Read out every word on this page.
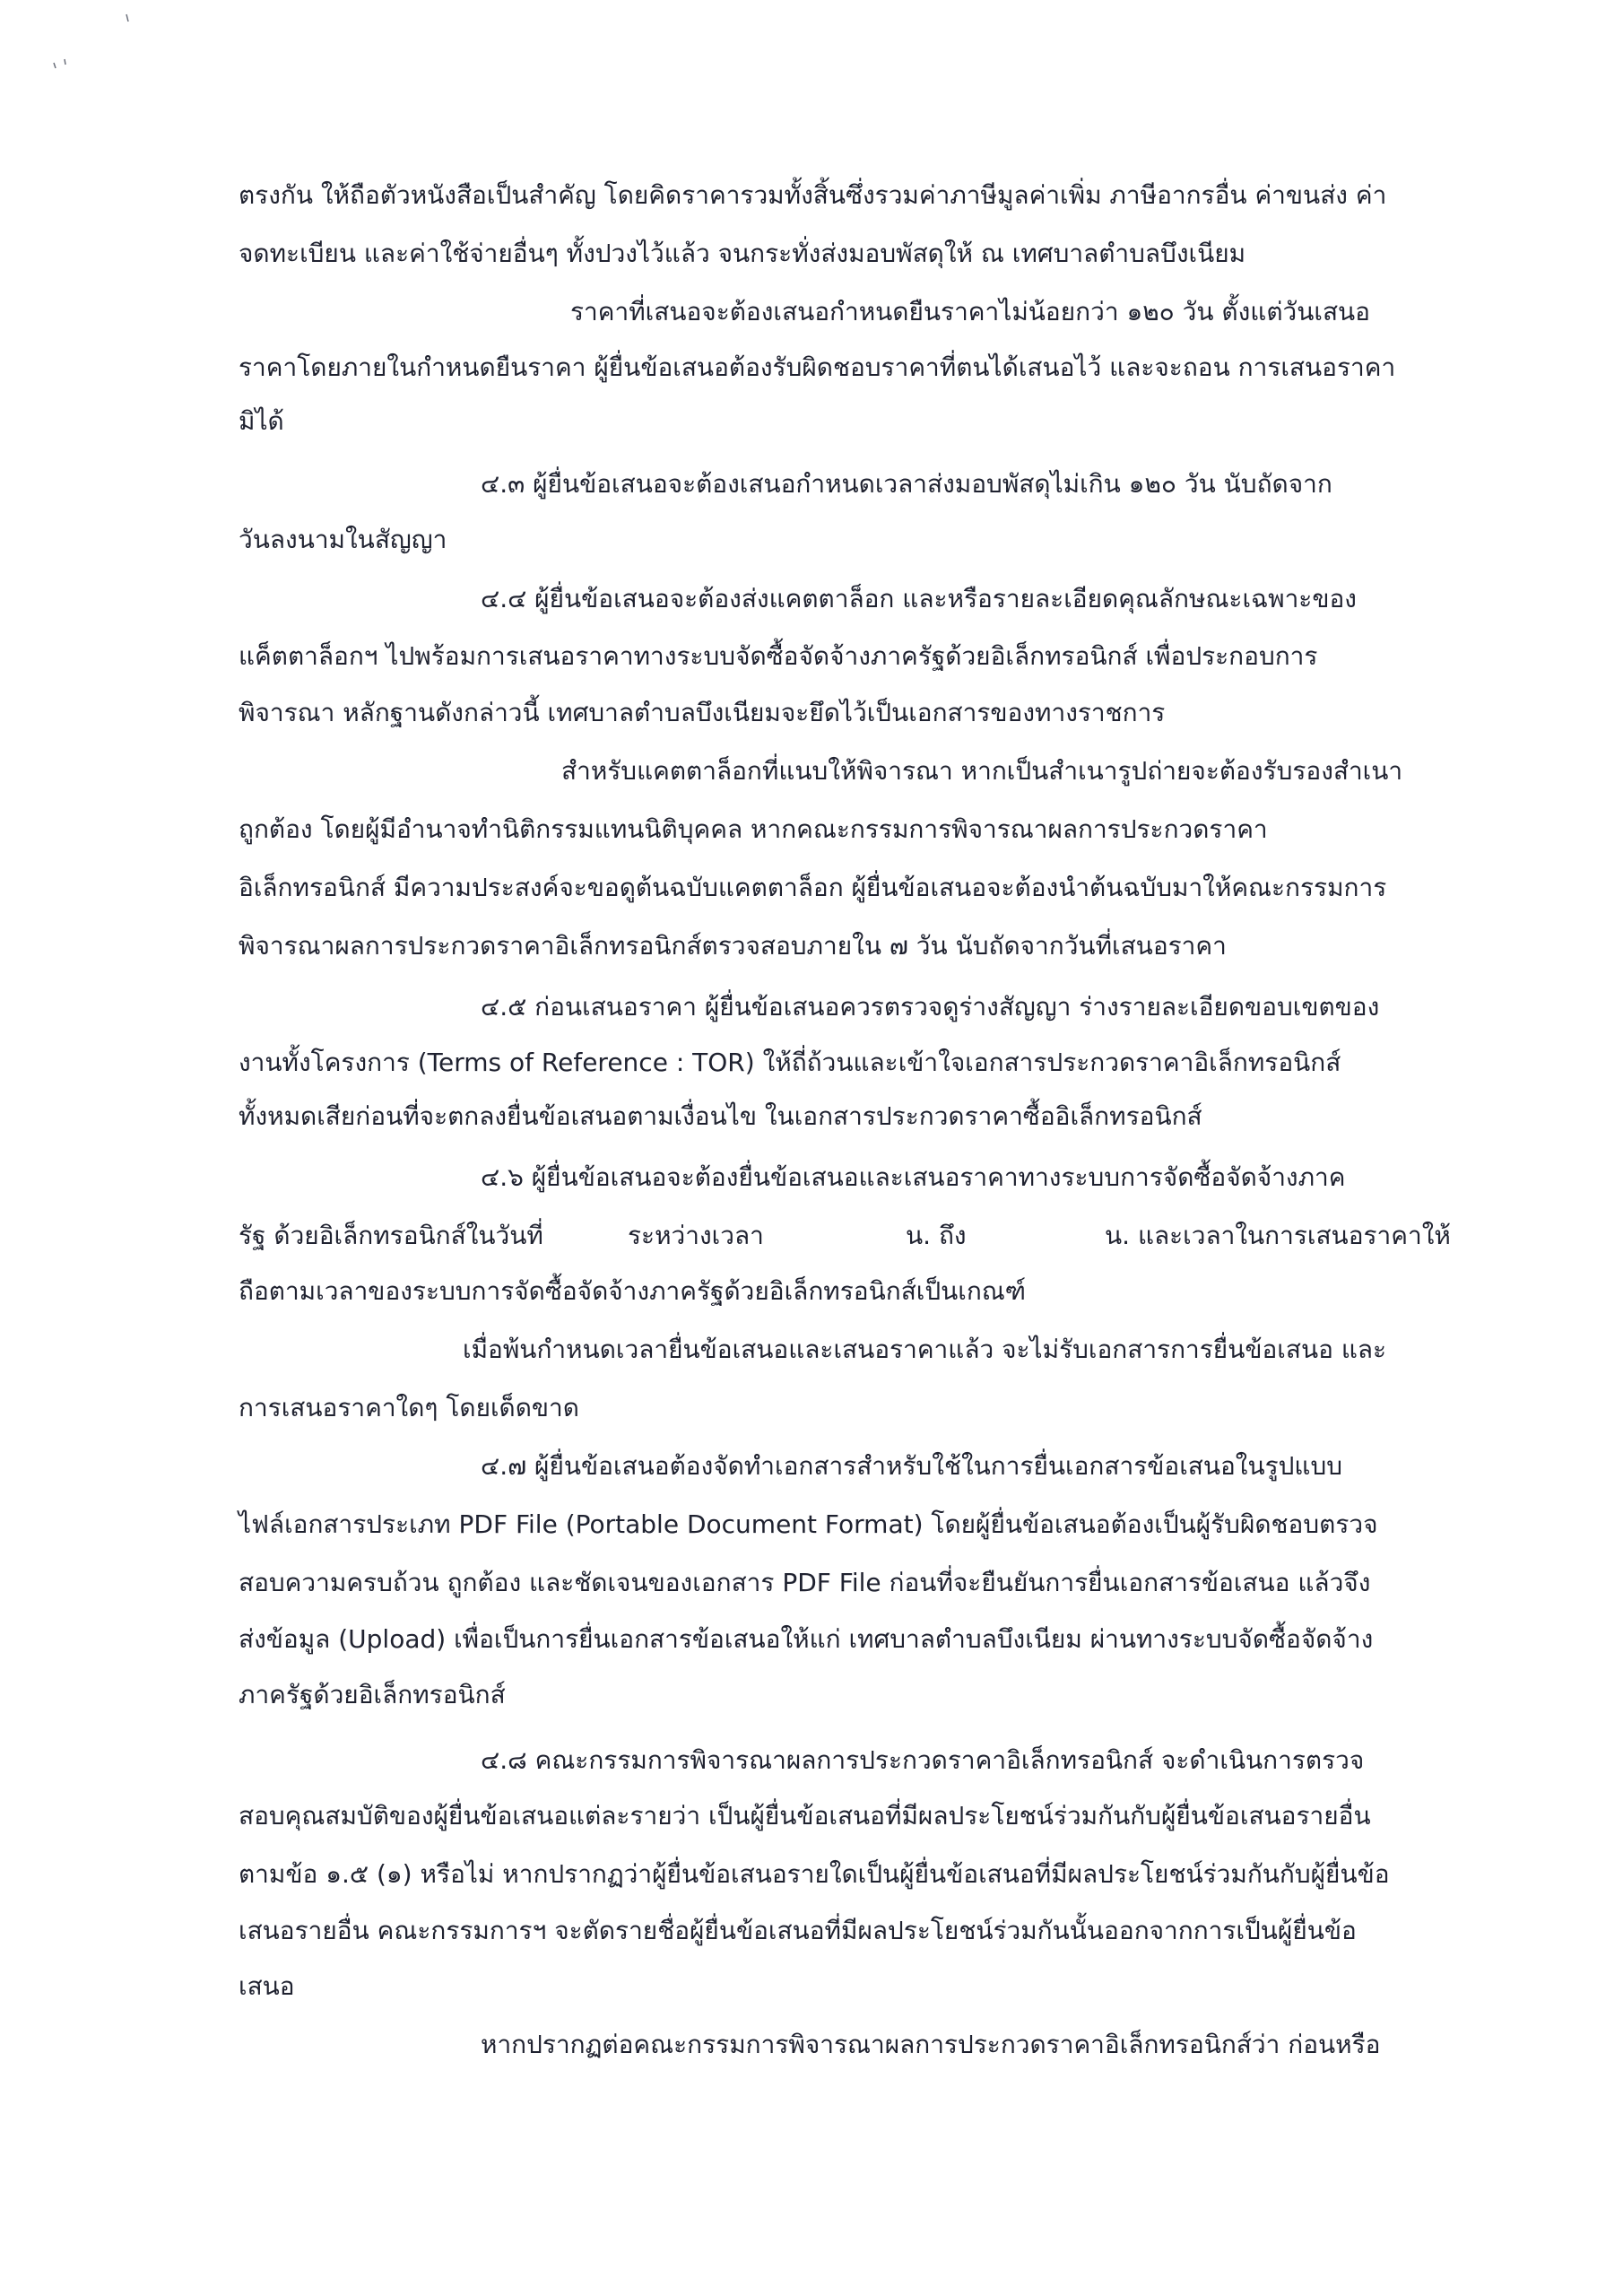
ตรงกัน ให้ถือตัวหนังสือเป็นสำคัญ โดยคิดราคารวมทั้งสิ้นซึ่งรวมค่าภาษีมูลค่าเพิ่ม ภาษีอากรอื่น ค่าขนส่ง ค่า
จดทะเบียน และค่าใช้จ่ายอื่นๆ ทั้งปวงไว้แล้ว จนกระทั่งส่งมอบพัสดุให้ ณ เทศบาลตำบลบึงเนียม
ราคาที่เสนอจะต้องเสนอกำหนดยืนราคาไม่น้อยกว่า ๑๒๐ วัน ตั้งแต่วันเสนอ
ราคาโดยภายในกำหนดยืนราคา ผู้ยื่นข้อเสนอต้องรับผิดชอบราคาที่ตนได้เสนอไว้ และจะถอน การเสนอราคา
มิได้
๔.๓ ผู้ยื่นข้อเสนอจะต้องเสนอกำหนดเวลาส่งมอบพัสดุไม่เกิน ๑๒๐ วัน นับถัดจาก
วันลงนามในสัญญา
๔.๔ ผู้ยื่นข้อเสนอจะต้องส่งแคตตาล็อก และหรือรายละเอียดคุณลักษณะเฉพาะของ
แค็ตตาล็อกฯ ไปพร้อมการเสนอราคาทางระบบจัดซื้อจัดจ้างภาครัฐด้วยอิเล็กทรอนิกส์ เพื่อประกอบการ
พิจารณา หลักฐานดังกล่าวนี้ เทศบาลตำบลบึงเนียมจะยึดไว้เป็นเอกสารของทางราชการ
สำหรับแคตตาล็อกที่แนบให้พิจารณา หากเป็นสำเนารูปถ่ายจะต้องรับรองสำเนา
ถูกต้อง โดยผู้มีอำนาจทำนิติกรรมแทนนิติบุคคล หากคณะกรรมการพิจารณาผลการประกวดราคา
อิเล็กทรอนิกส์ มีความประสงค์จะขอดูต้นฉบับแคตตาล็อก ผู้ยื่นข้อเสนอจะต้องนำต้นฉบับมาให้คณะกรรมการ
พิจารณาผลการประกวดราคาอิเล็กทรอนิกส์ตรวจสอบภายใน ๗ วัน นับถัดจากวันที่เสนอราคา
๔.๕ ก่อนเสนอราคา ผู้ยื่นข้อเสนอควรตรวจดูร่างสัญญา ร่างรายละเอียดขอบเขตของ
งานทั้งโครงการ (Terms of Reference : TOR) ให้ถี่ถ้วนและเข้าใจเอกสารประกวดราคาอิเล็กทรอนิกส์
ทั้งหมดเสียก่อนที่จะตกลงยื่นข้อเสนอตามเงื่อนไข ในเอกสารประกวดราคาซื้ออิเล็กทรอนิกส์
๔.๖ ผู้ยื่นข้อเสนอจะต้องยื่นข้อเสนอและเสนอราคาทางระบบการจัดซื้อจัดจ้างภาค
รัฐ ด้วยอิเล็กทรอนิกส์ในวันที่	ระหว่างเวลา	น. ถึง	น. และเวลาในการเสนอราคาให้
ถือตามเวลาของระบบการจัดซื้อจัดจ้างภาครัฐด้วยอิเล็กทรอนิกส์เป็นเกณฑ์
เมื่อพ้นกำหนดเวลายื่นข้อเสนอและเสนอราคาแล้ว จะไม่รับเอกสารการยื่นข้อเสนอ และ
การเสนอราคาใดๆ โดยเด็ดขาด
๔.๗ ผู้ยื่นข้อเสนอต้องจัดทำเอกสารสำหรับใช้ในการยื่นเอกสารข้อเสนอในรูปแบบ
ไฟล์เอกสารประเภท PDF File (Portable Document Format) โดยผู้ยื่นข้อเสนอต้องเป็นผู้รับผิดชอบตรวจ
สอบความครบถ้วน ถูกต้อง และชัดเจนของเอกสาร PDF File ก่อนที่จะยืนยันการยื่นเอกสารข้อเสนอ แล้วจึง
ส่งข้อมูล (Upload) เพื่อเป็นการยื่นเอกสารข้อเสนอให้แก่ เทศบาลตำบลบึงเนียม ผ่านทางระบบจัดซื้อจัดจ้าง
ภาครัฐด้วยอิเล็กทรอนิกส์
๔.๘ คณะกรรมการพิจารณาผลการประกวดราคาอิเล็กทรอนิกส์ จะดำเนินการตรวจ
สอบคุณสมบัติของผู้ยื่นข้อเสนอแต่ละรายว่า เป็นผู้ยื่นข้อเสนอที่มีผลประโยชน์ร่วมกันกับผู้ยื่นข้อเสนอรายอื่น
ตามข้อ ๑.๕ (๑) หรือไม่ หากปรากฏว่าผู้ยื่นข้อเสนอรายใดเป็นผู้ยื่นข้อเสนอที่มีผลประโยชน์ร่วมกันกับผู้ยื่นข้อ
เสนอรายอื่น คณะกรรมการฯ จะตัดรายชื่อผู้ยื่นข้อเสนอที่มีผลประโยชน์ร่วมกันนั้นออกจากการเป็นผู้ยื่นข้อ
เสนอ
หากปรากฏต่อคณะกรรมการพิจารณาผลการประกวดราคาอิเล็กทรอนิกส์ว่า ก่อนหรือ
